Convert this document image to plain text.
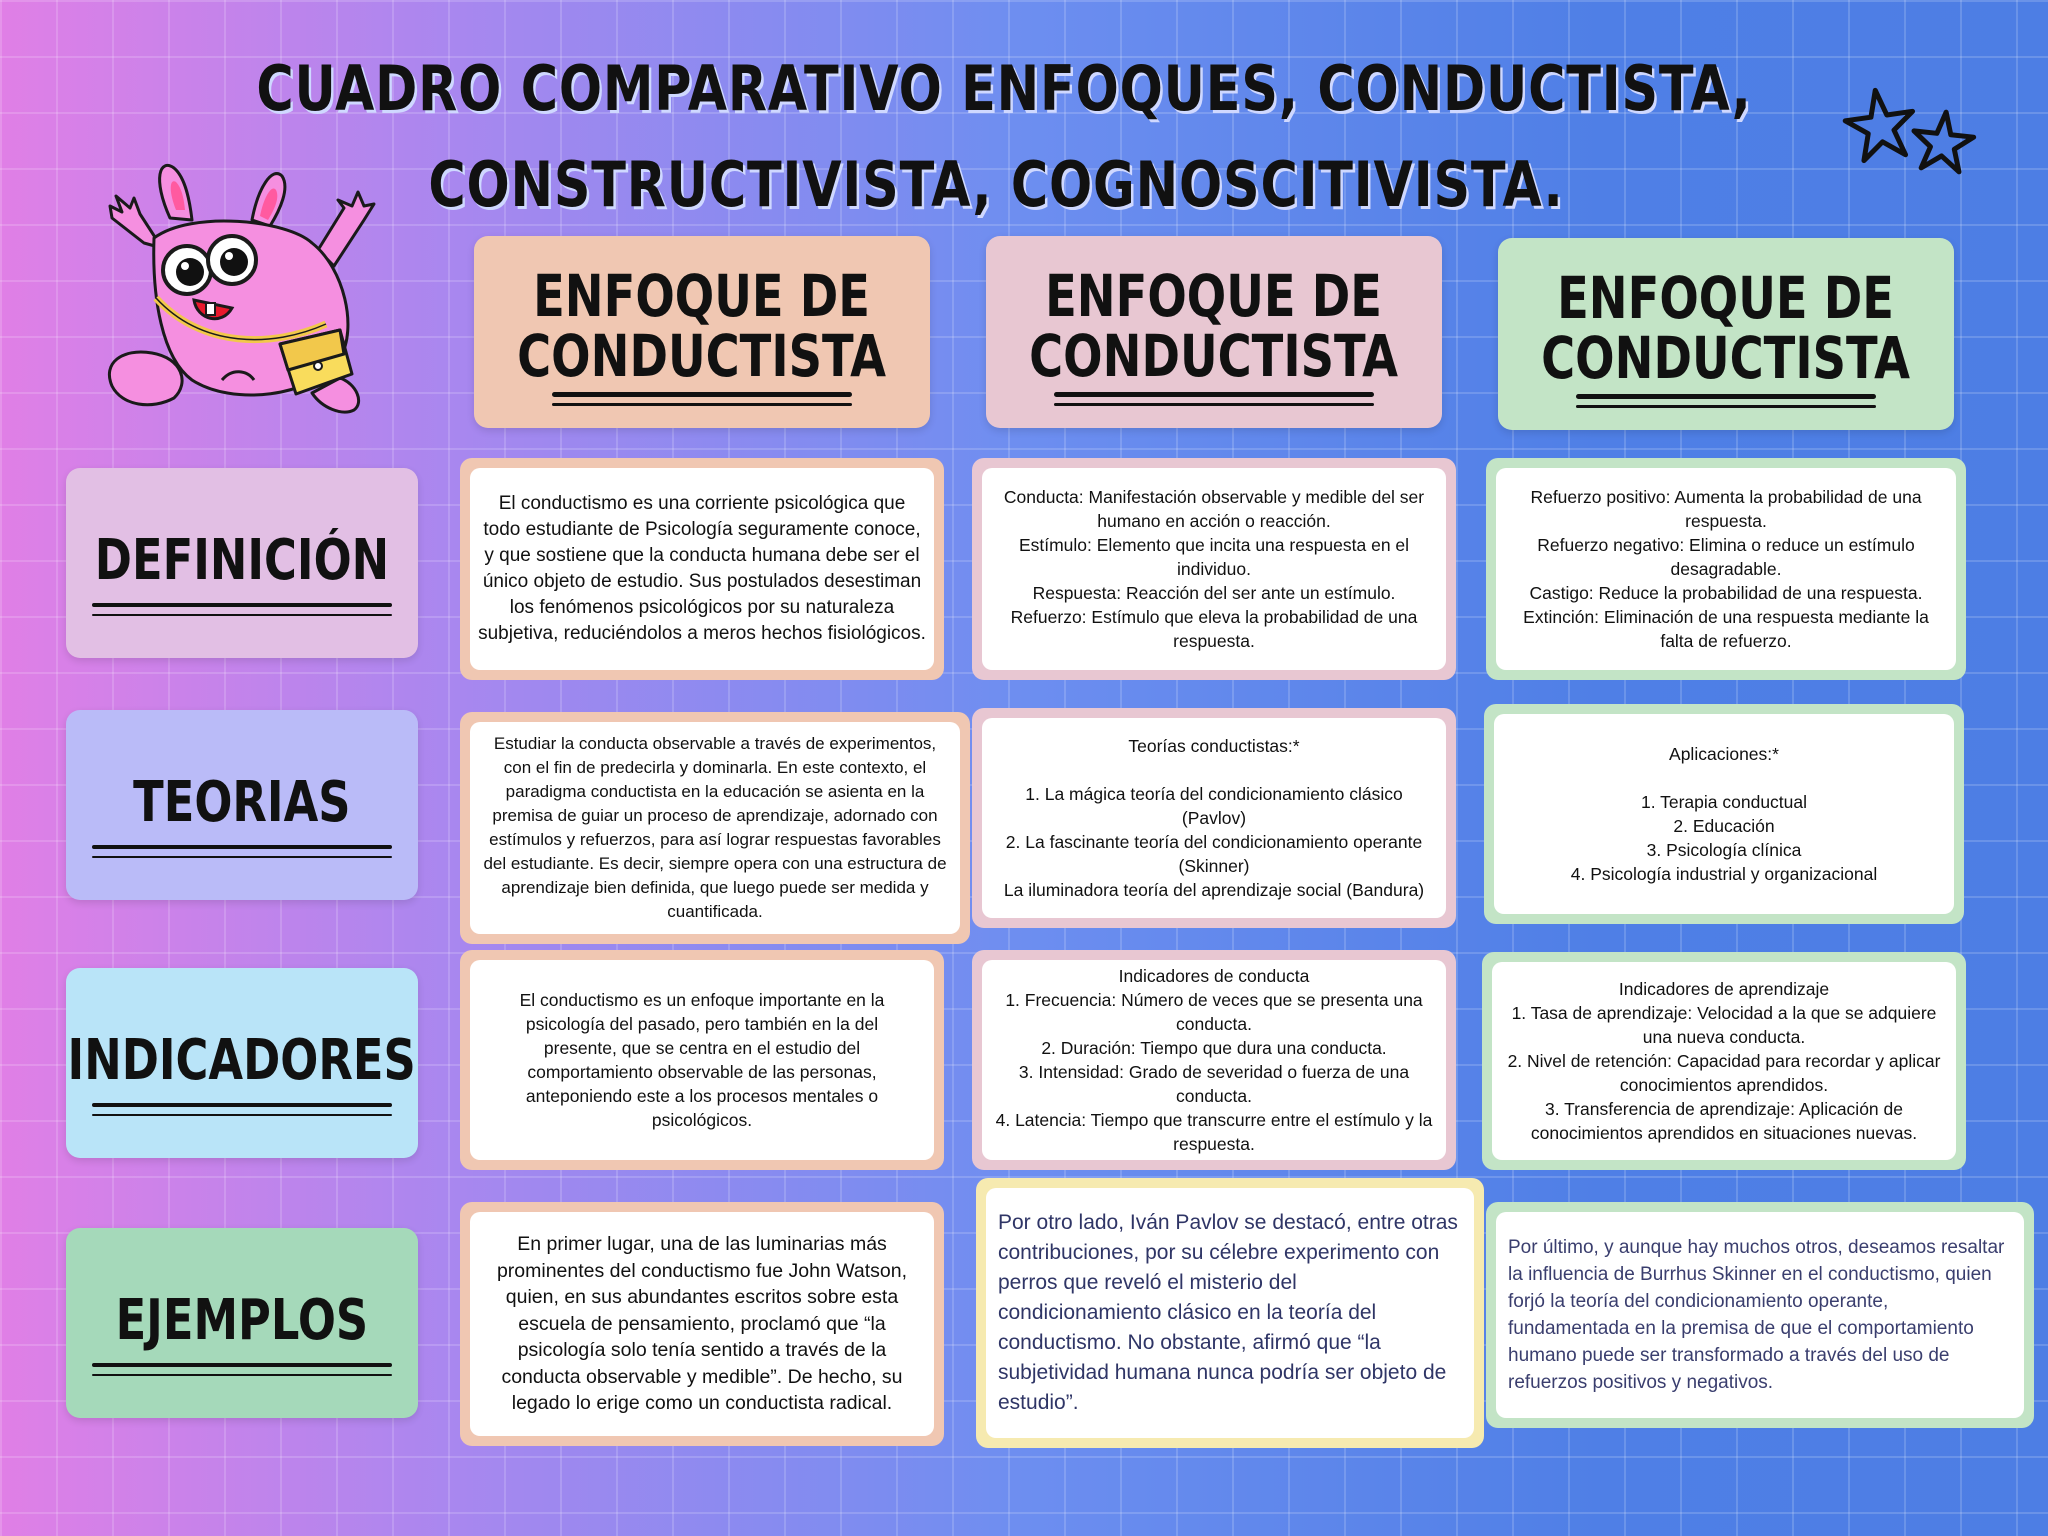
CUADRO COMPARATIVO ENFOQUES, CONDUCTISTA,
CONSTRUCTIVISTA, COGNOSCITIVISTA.
ENFOQUE DE
CONDUCTISTA
ENFOQUE DE
CONDUCTISTA
ENFOQUE DE
CONDUCTISTA
DEFINICIÓN
TEORIAS
INDICADORES
EJEMPLOS
El conductismo es una corriente psicológica que todo estudiante de Psicología seguramente conoce, y que sostiene que la conducta humana debe ser el único objeto de estudio. Sus postulados desestiman los fenómenos psicológicos por su naturaleza subjetiva, reduciéndolos a meros hechos fisiológicos.
Conducta: Manifestación observable y medible del ser humano en acción o reacción.
Estímulo: Elemento que incita una respuesta en el individuo.
Respuesta: Reacción del ser ante un estímulo.
Refuerzo: Estímulo que eleva la probabilidad de una respuesta.
Refuerzo positivo: Aumenta la probabilidad de una respuesta.
Refuerzo negativo: Elimina o reduce un estímulo desagradable.
Castigo: Reduce la probabilidad de una respuesta.
Extinción: Eliminación de una respuesta mediante la falta de refuerzo.
Estudiar la conducta observable a través de experimentos, con el fin de predecirla y dominarla. En este contexto, el paradigma conductista en la educación se asienta en la premisa de guiar un proceso de aprendizaje, adornado con estímulos y refuerzos, para así lograr respuestas favorables del estudiante. Es decir, siempre opera con una estructura de aprendizaje bien definida, que luego puede ser medida y cuantificada.
Teorías conductistas:*

1. La mágica teoría del condicionamiento clásico (Pavlov)
2. La fascinante teoría del condicionamiento operante (Skinner)
La iluminadora teoría del aprendizaje social (Bandura)
Aplicaciones:*

1. Terapia conductual
2. Educación
3. Psicología clínica
4. Psicología industrial y organizacional
El conductismo es un enfoque importante en la psicología del pasado, pero también en la del presente, que se centra en el estudio del comportamiento observable de las personas, anteponiendo este a los procesos mentales o psicológicos.
Indicadores de conducta
1. Frecuencia: Número de veces que se presenta una conducta.
2. Duración: Tiempo que dura una conducta.
3. Intensidad: Grado de severidad o fuerza de una conducta.
4. Latencia: Tiempo que transcurre entre el estímulo y la respuesta.
Indicadores de aprendizaje
1. Tasa de aprendizaje: Velocidad a la que se adquiere una nueva conducta.
2. Nivel de retención: Capacidad para recordar y aplicar conocimientos aprendidos.
3. Transferencia de aprendizaje: Aplicación de conocimientos aprendidos en situaciones nuevas.
En primer lugar, una de las luminarias más prominentes del conductismo fue John Watson, quien, en sus abundantes escritos sobre esta escuela de pensamiento, proclamó que “la psicología solo tenía sentido a través de la conducta observable y medible”. De hecho, su legado lo erige como un conductista radical.
Por otro lado, Iván Pavlov se destacó, entre otras contribuciones, por su célebre experimento con perros que reveló el misterio del condicionamiento clásico en la teoría del conductismo. No obstante, afirmó que “la subjetividad humana nunca podría ser objeto de estudio”.
Por último, y aunque hay muchos otros, deseamos resaltar la influencia de Burrhus Skinner en el conductismo, quien forjó la teoría del condicionamiento operante, fundamentada en la premisa de que el comportamiento humano puede ser transformado a través del uso de refuerzos positivos y negativos.
